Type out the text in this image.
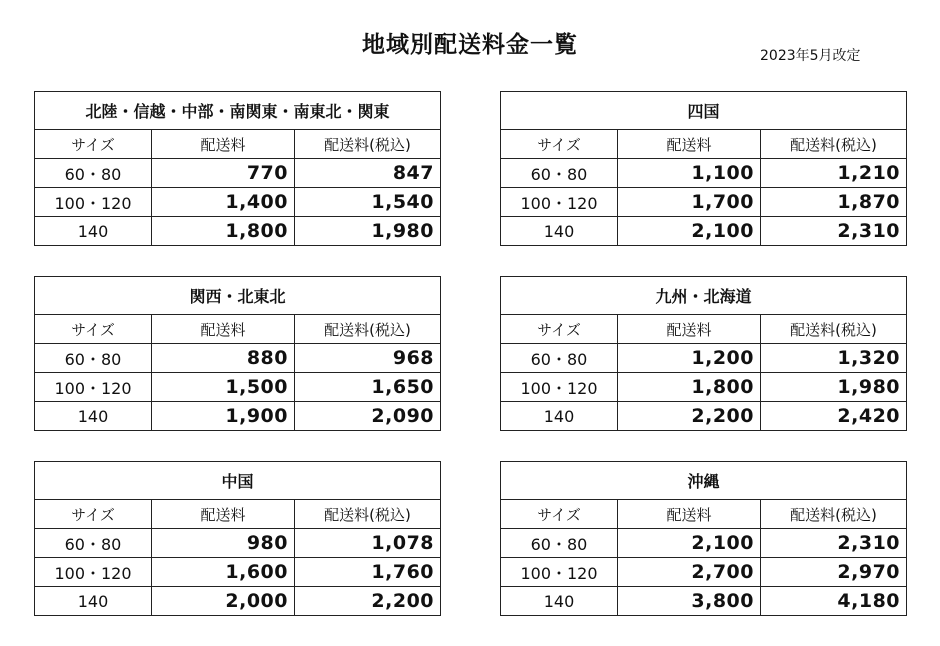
地域別配送料金一覧	2023年5月改定
北陸・信越・中部・南関東・南東北・関東		
サイズ	配送料	配送料(税込)
60・80	770	847
100・120	1,400	1,540
140	1,800	1,980
四国		
サイズ	配送料	配送料(税込)
60・80	1,100	1,210
100・120	1,700	1,870
140	2,100	2,310
関西・北東北		
サイズ	配送料	配送料(税込)
60・80	880	968
100・120	1,500	1,650
140	1,900	2,090
九州・北海道		
サイズ	配送料	配送料(税込)
60・80	1,200	1,320
100・120	1,800	1,980
140	2,200	2,420
中国		
サイズ	配送料	配送料(税込)
60・80	980	1,078
100・120	1,600	1,760
140	2,000	2,200
沖縄		
サイズ	配送料	配送料(税込)
60・80	2,100	2,310
100・120	2,700	2,970
140	3,800	4,180
